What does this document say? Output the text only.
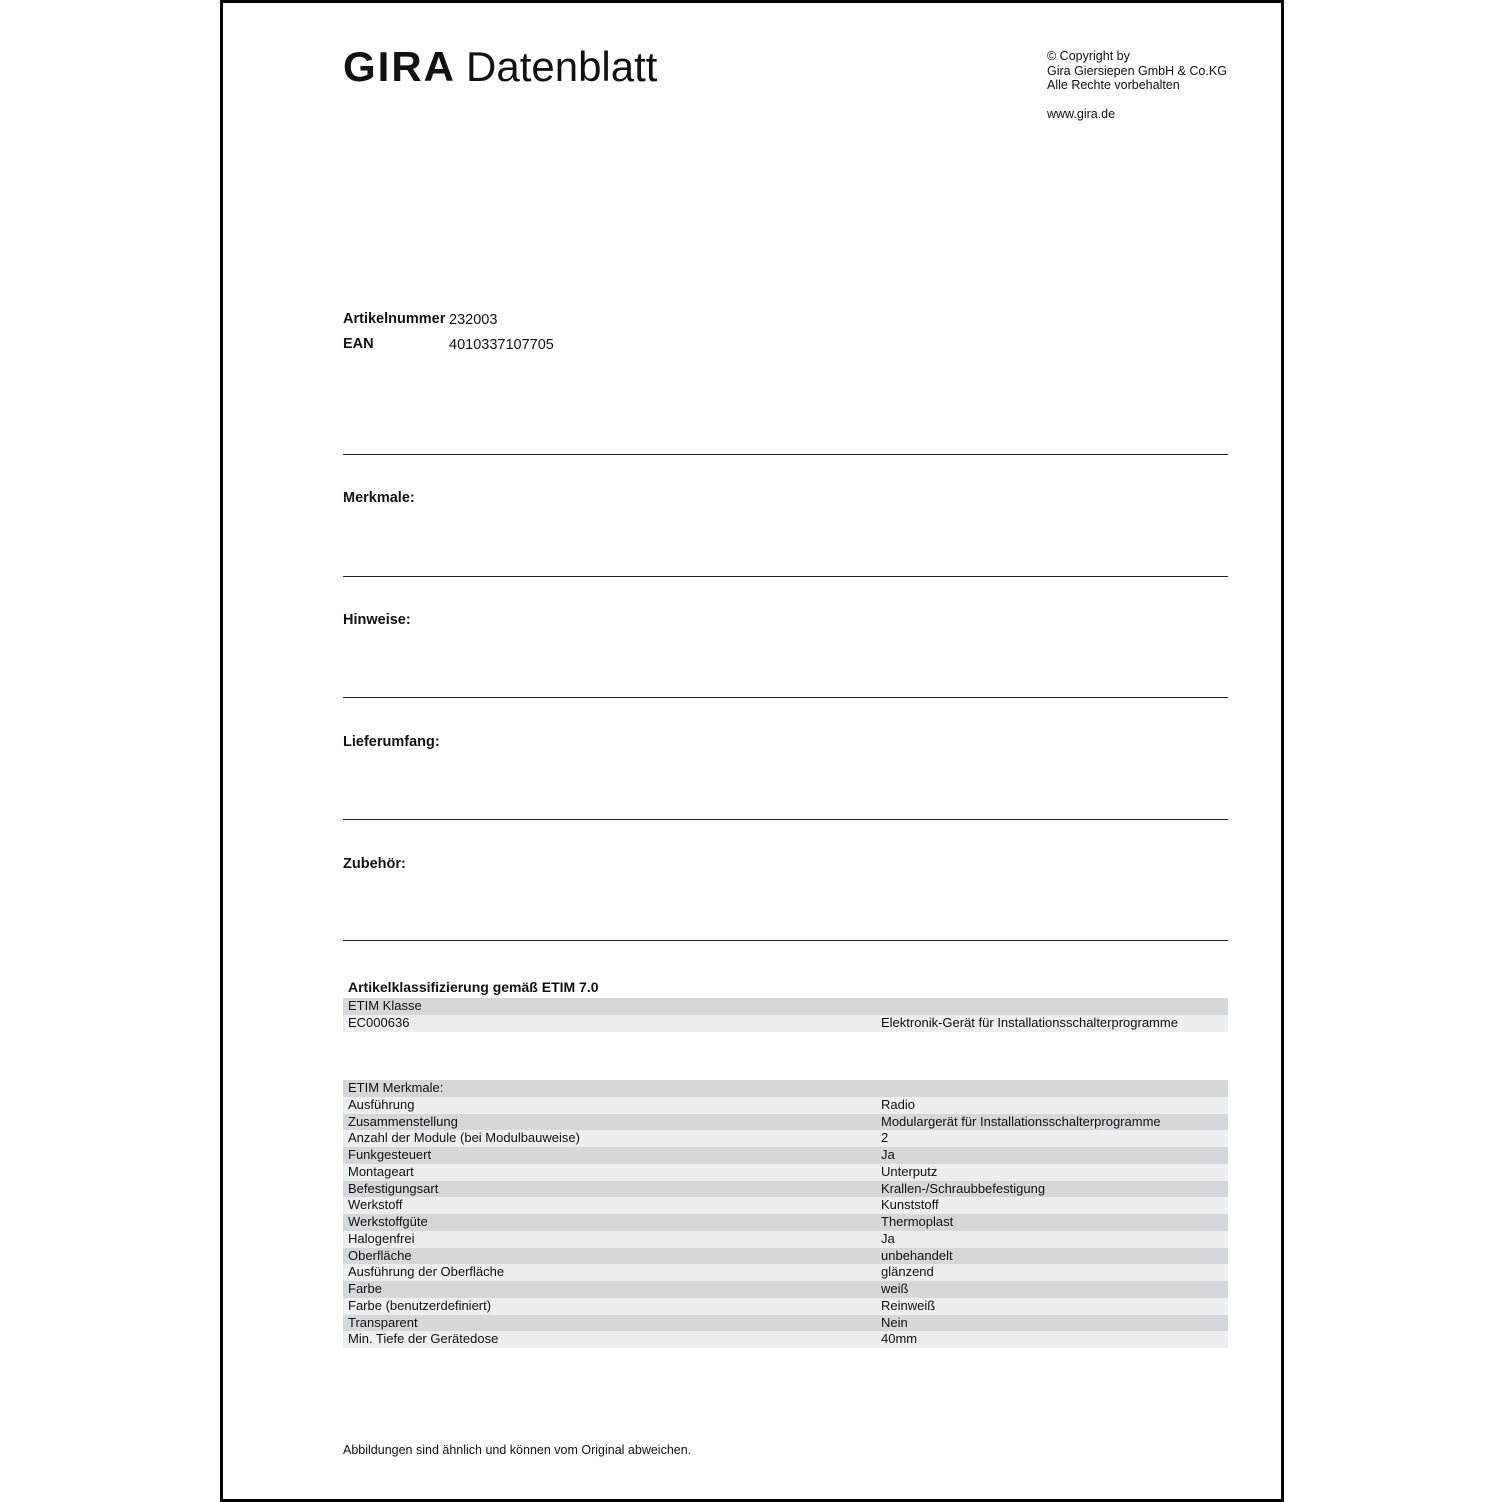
GIRA Datenblatt	© Copyright by
Gira Giersiepen GmbH & Co.KG
Alle Rechte vorbehalten
www.gira.de
Artikelnummer 232003
EAN	4010337107705
Merkmale:
Hinweise:
Lieferumfang:
Zubehör:
Artikelklassifizierung gemäß ETIM 7.0
ETIM Klasse
EC000636	Elektronik-Gerät für Installationsschalterprogramme
ETIM Merkmale:
Ausführung	Radio
Zusammenstellung	Modulargerät für Installationsschalterprogramme
Anzahl der Module (bei Modulbauweise)	2
Funkgesteuert	Ja
Montageart	Unterputz
Befestigungsart	Krallen-/Schraubbefestigung
Werkstoff	Kunststoff
Werkstoffgüte	Thermoplast
Halogenfrei	Ja
Oberfläche	unbehandelt
Ausführung der Oberfläche	glänzend
Farbe	weiß
Farbe (benutzerdefiniert)	Reinweiß
Transparent	Nein
Min. Tiefe der Gerätedose	40mm
Abbildungen sind ähnlich und können vom Original abweichen.
